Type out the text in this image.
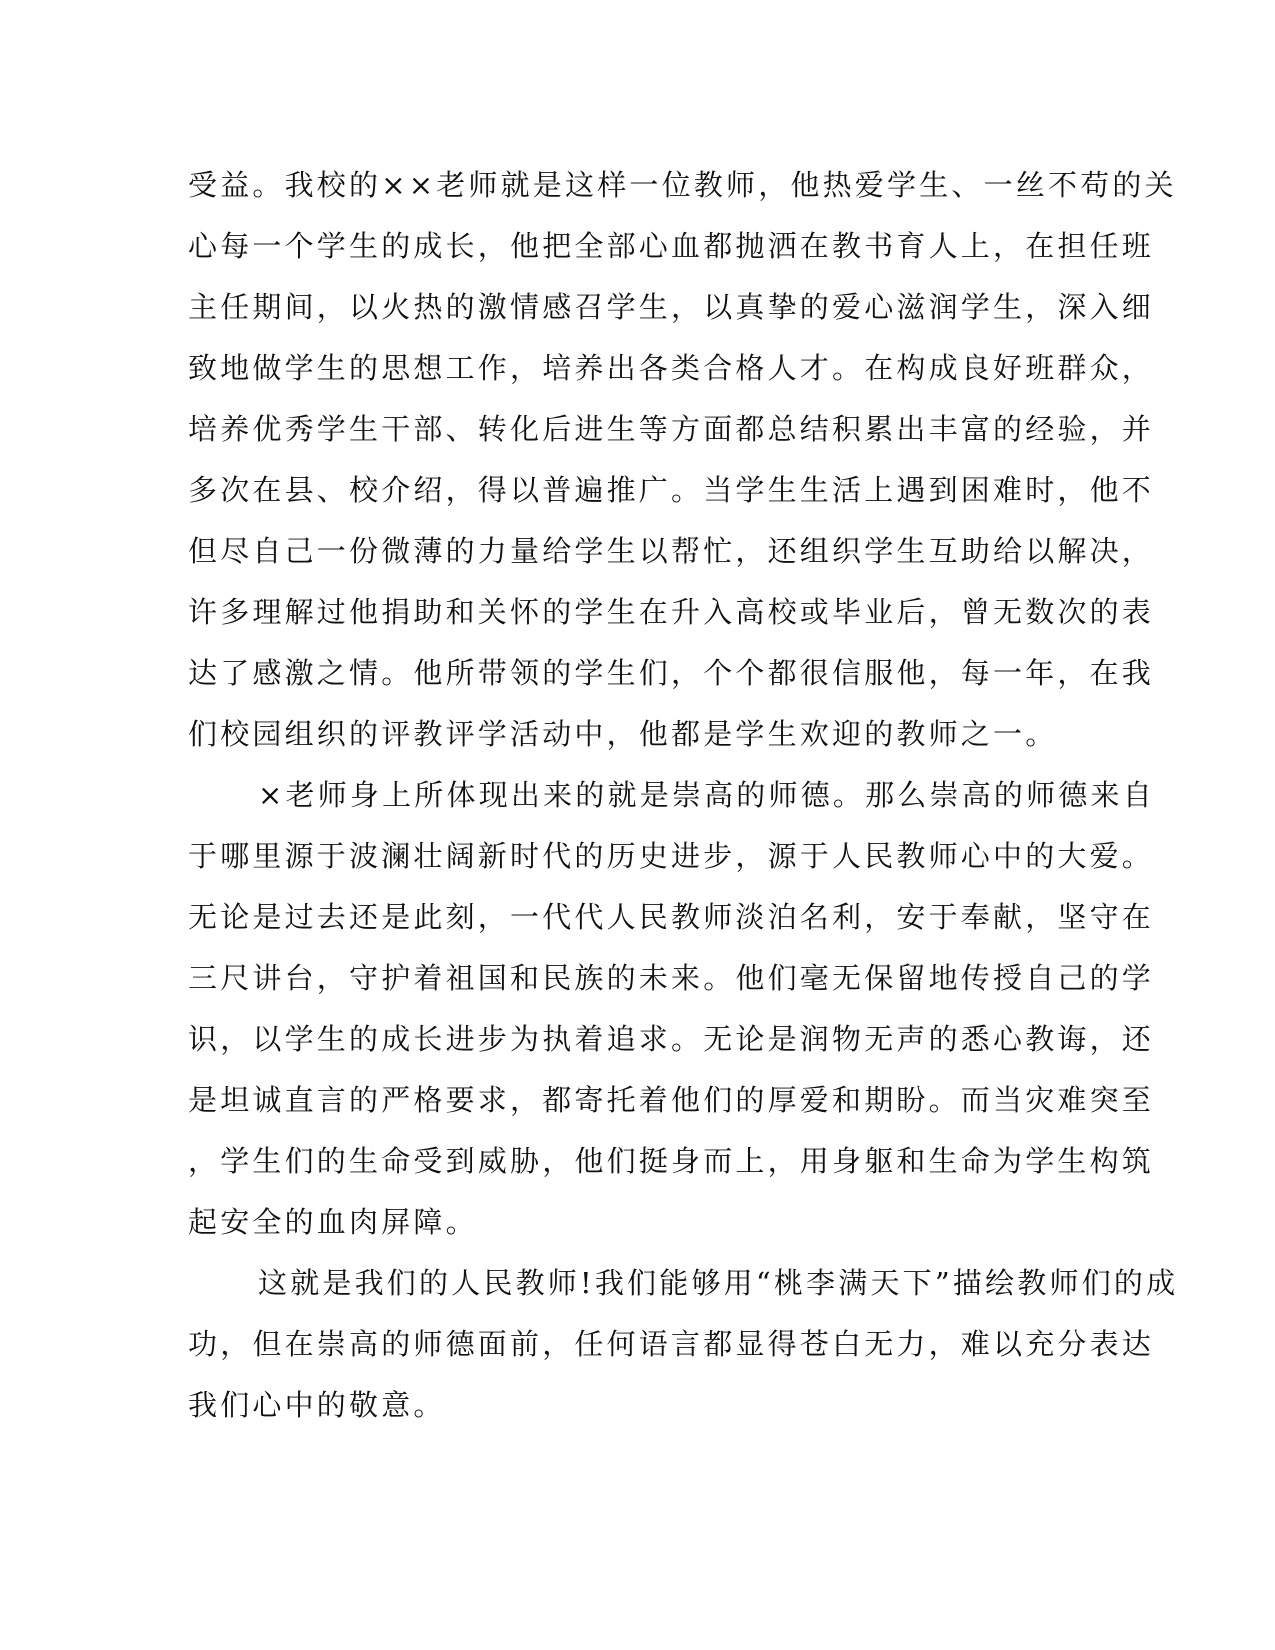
受益。我校的××老师就是这样一位教师，他热爱学生、一丝不苟的关
心每一个学生的成长，他把全部心血都抛洒在教书育人上，在担任班
主任期间，以火热的激情感召学生，以真挚的爱心滋润学生，深入细
致地做学生的思想工作，培养出各类合格人才。在构成良好班群众，
培养优秀学生干部、转化后进生等方面都总结积累出丰富的经验，并
多次在县、校介绍，得以普遍推广。当学生生活上遇到困难时，他不
但尽自己一份微薄的力量给学生以帮忙，还组织学生互助给以解决，
许多理解过他捐助和关怀的学生在升入高校或毕业后，曾无数次的表
达了感激之情。他所带领的学生们，个个都很信服他，每一年，在我
们校园组织的评教评学活动中，他都是学生欢迎的教师之一。
×老师身上所体现出来的就是崇高的师德。那么崇高的师德来自
于哪里源于波澜壮阔新时代的历史进步，源于人民教师心中的大爱。
无论是过去还是此刻，一代代人民教师淡泊名利，安于奉献，坚守在
三尺讲台，守护着祖国和民族的未来。他们毫无保留地传授自己的学
识，以学生的成长进步为执着追求。无论是润物无声的悉心教诲，还
是坦诚直言的严格要求，都寄托着他们的厚爱和期盼。而当灾难突至
，学生们的生命受到威胁，他们挺身而上，用身躯和生命为学生构筑
起安全的血肉屏障。
这就是我们的人民教师!我们能够用“桃李满天下”描绘教师们的成
功，但在崇高的师德面前，任何语言都显得苍白无力，难以充分表达
我们心中的敬意。
